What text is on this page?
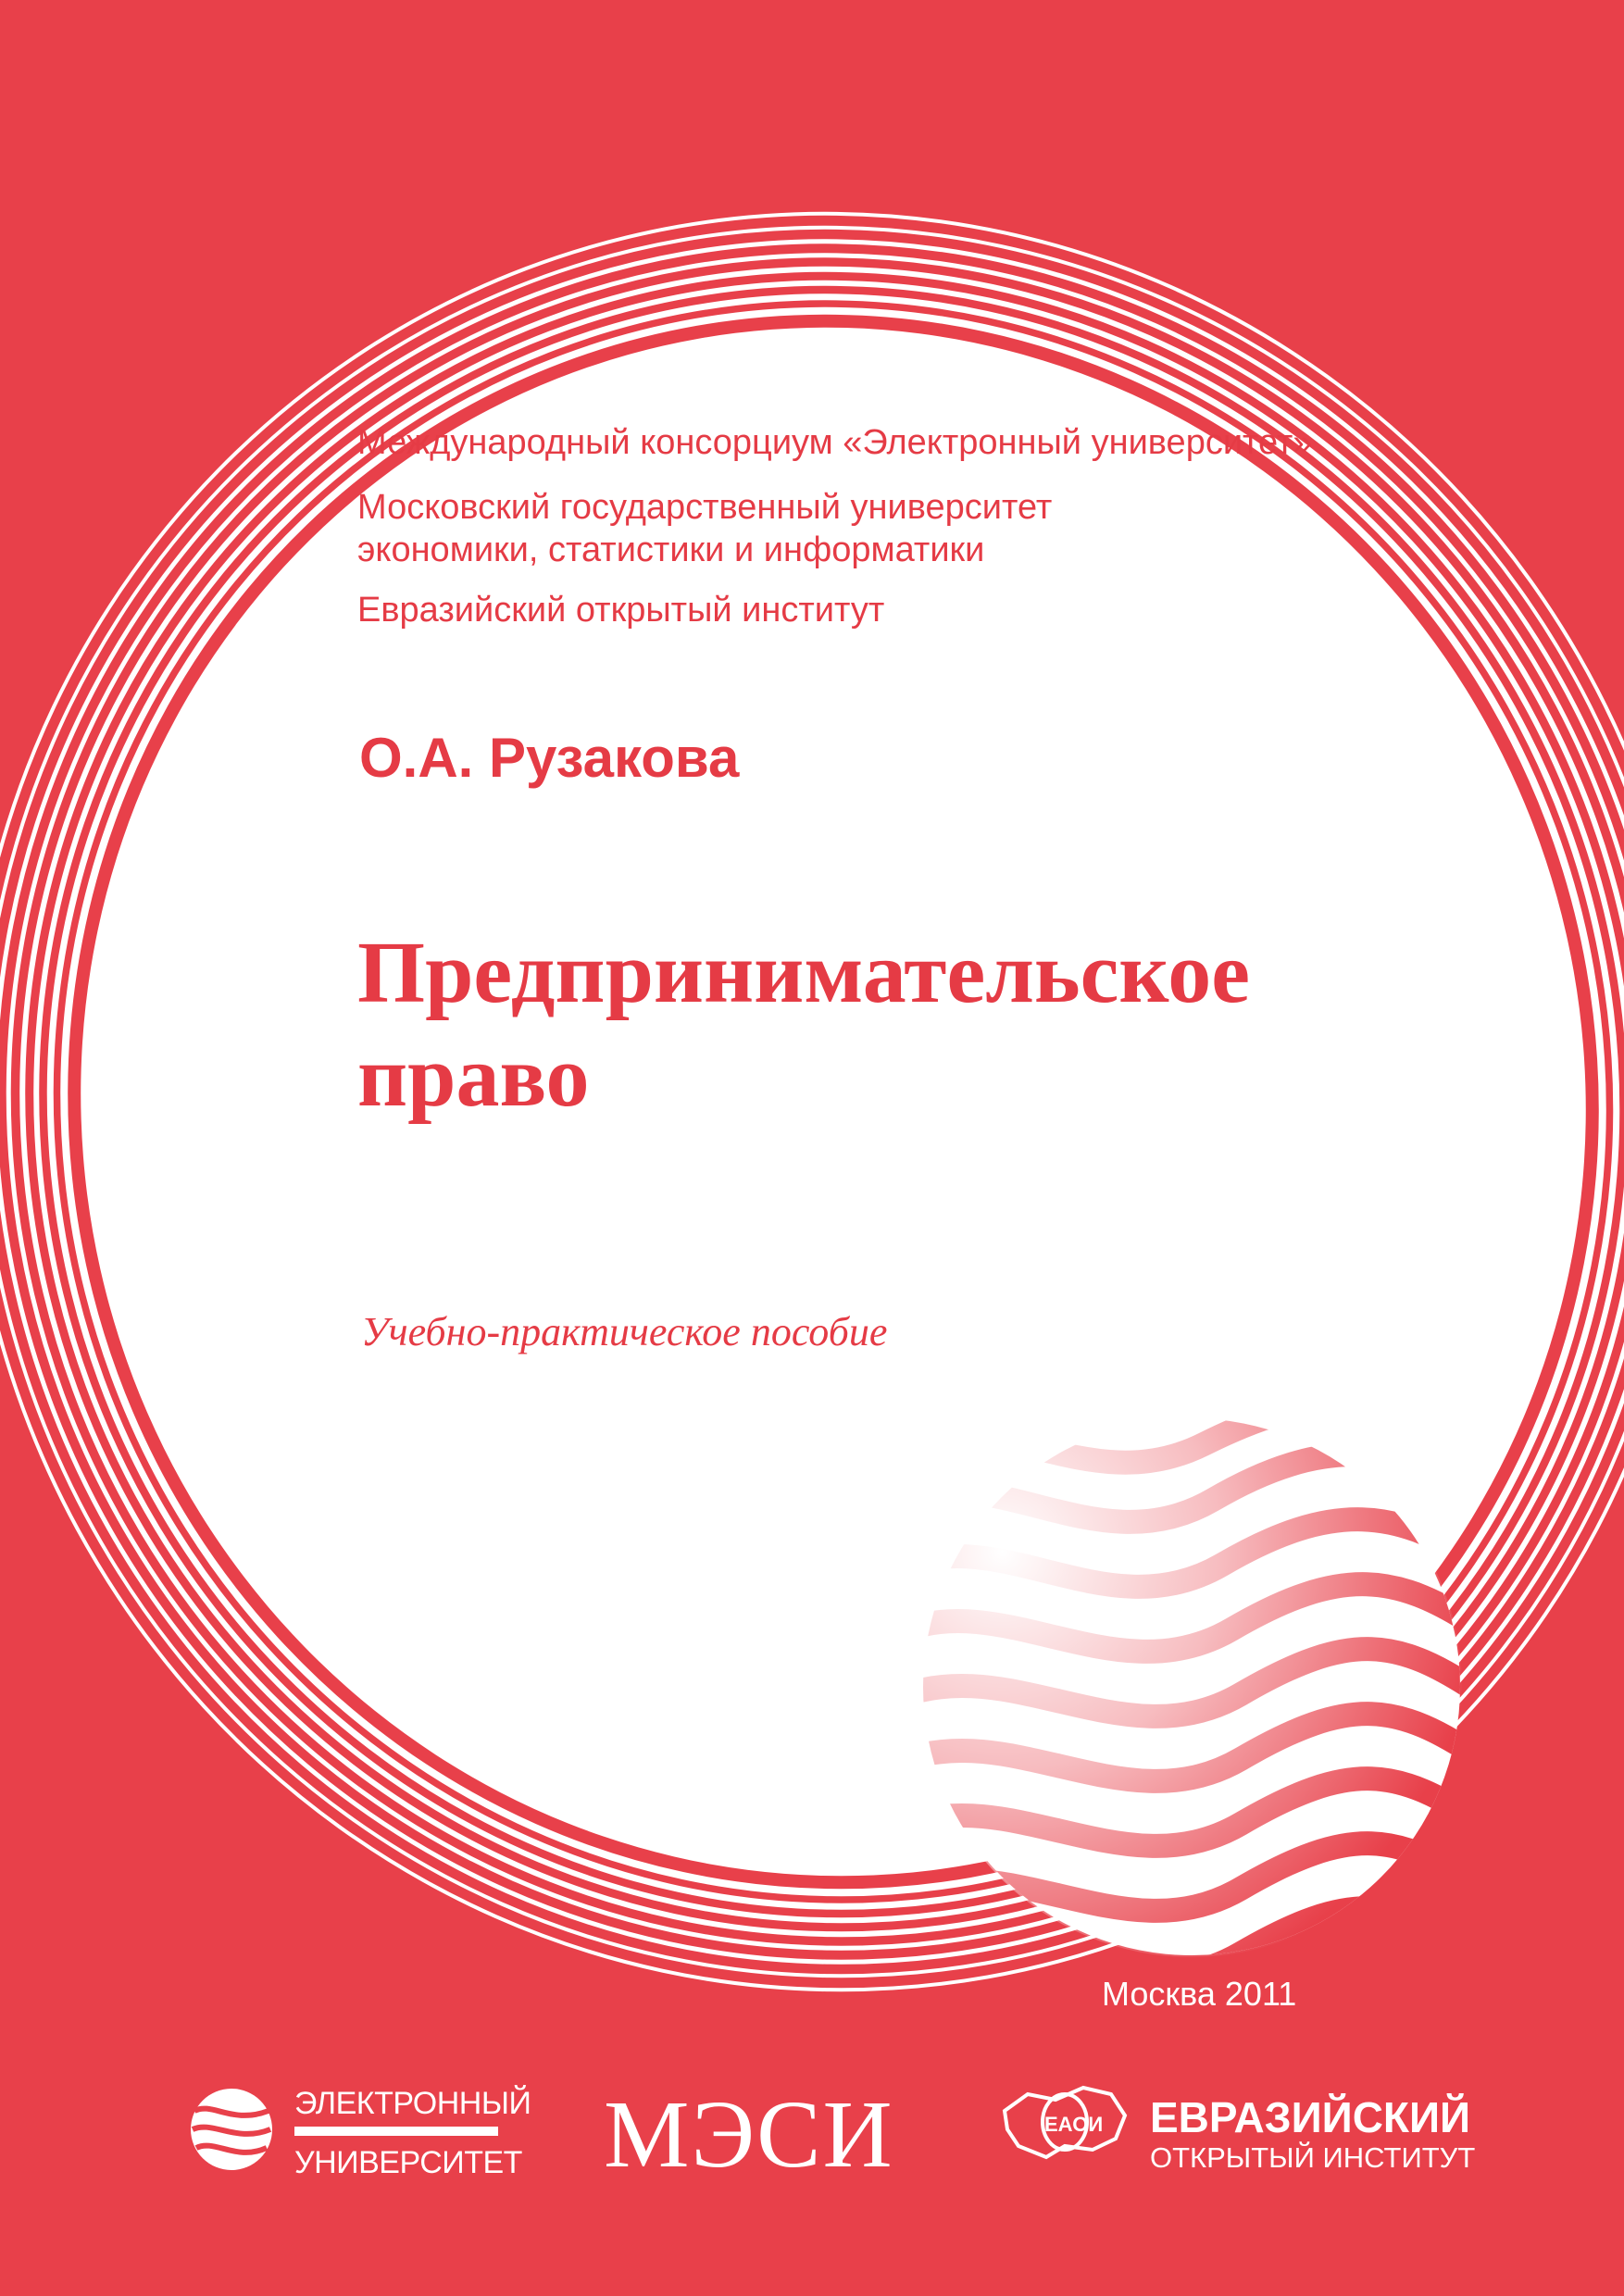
ЕАОИ
Международный консорциум «Электронный университет»
Московский государственный университет
экономики, статистики и информатики
Евразийский открытый институт
О.А. Рузакова
Предпринимательское
право
Учебно-практическое пособие
Москва 2011
ЭЛЕКТРОННЫЙ
УНИВЕРСИТЕТ МЭСИ	ЕВРАЗИЙСКИЙ
ОТКРЫТЫЙ ИНСТИТУТ
